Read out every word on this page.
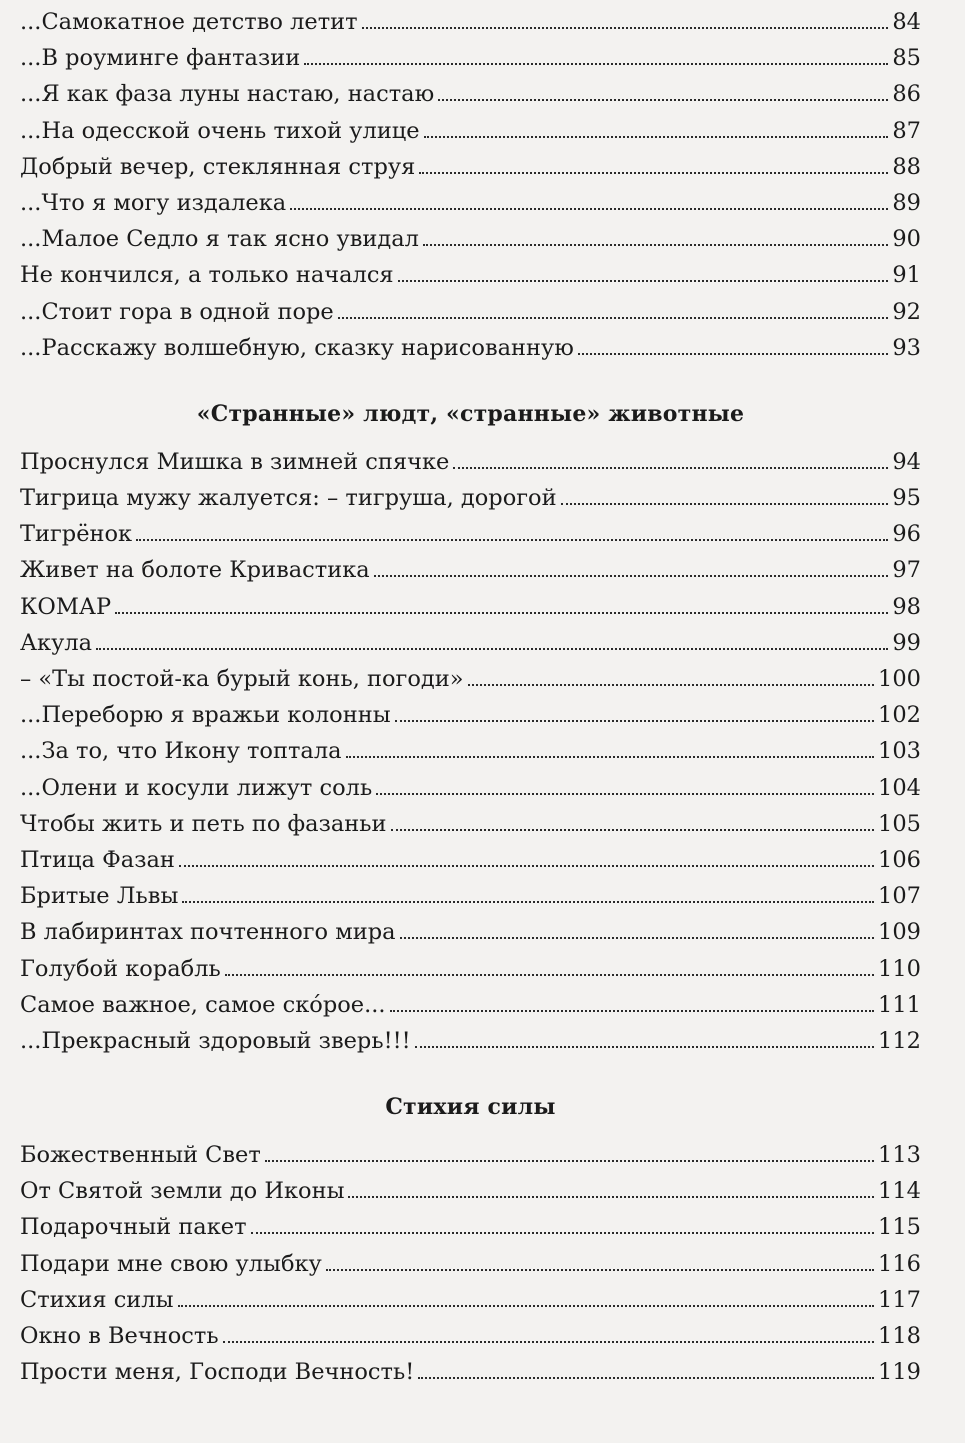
...Самокатное детство летит	84
...В роуминге фантазии	85
...Я как фаза луны настаю, настаю	86
...На одесской очень тихой улице	87
Добрый вечер, стеклянная струя	88
...Что я могу издалека	89
...Малое Седло я так ясно увидал	90
Не кончился, а только начался	91
...Стоит гора в одной поре	92
...Расскажу волшебную, сказку нарисованную	93
«Странные» людт, «странные» животные
Проснулся Мишка в зимней спячке	94
Тигрица мужу жалуется: – тигруша, дорогой	95
Тигрёнок	96
Живет на болоте Кривастика	97
КОМАР	98
Акула	99
– «Ты постой-ка бурый конь, погоди»	100
...Переборю я вражьи колонны	102
...За то, что Икону топтала	103
...Олени и косули лижут соль	104
Чтобы жить и петь по фазаньи	105
Птица Фазан	106
Бритые Львы	107
В лабиринтах почтенного мира	109
Голубой корабль	110
Самое важное, самое скóрое...	111
...Прекрасный здоровый зверь!!!	112
Стихия силы
Божественный Свет	113
От Святой земли до Иконы	114
Подарочный пакет	115
Подари мне свою улыбку	116
Стихия силы	117
Окно в Вечность	118
Прости меня, Господи Вечность!	119
